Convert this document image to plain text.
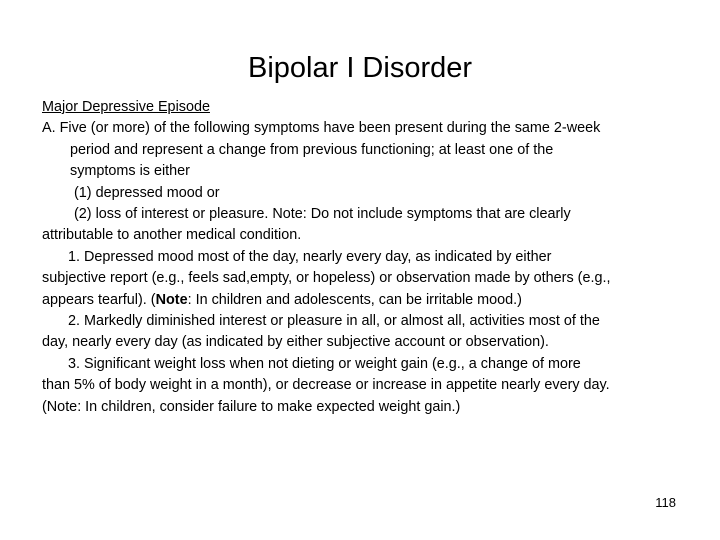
Bipolar I Disorder
Major Depressive Episode
A. Five (or more) of the following symptoms have been present during the same 2-week
period and represent a change from previous functioning; at least one of the
symptoms is either
(1) depressed mood or
(2) loss of interest or pleasure. Note: Do not include symptoms that are clearly
attributable to another medical condition.
1. Depressed mood most of the day, nearly every day, as indicated by either
subjective report (e.g., feels sad,empty, or hopeless) or observation made by others (e.g.,
appears tearful). (Note: In children and adolescents, can be irritable mood.)
2. Markedly diminished interest or pleasure in all, or almost all, activities most of the
day, nearly every day (as indicated by either subjective account or observation).
3. Significant weight loss when not dieting or weight gain (e.g., a change of more
than 5% of body weight in a month), or decrease or increase in appetite nearly every day.
(Note: In children, consider failure to make expected weight gain.)
118
